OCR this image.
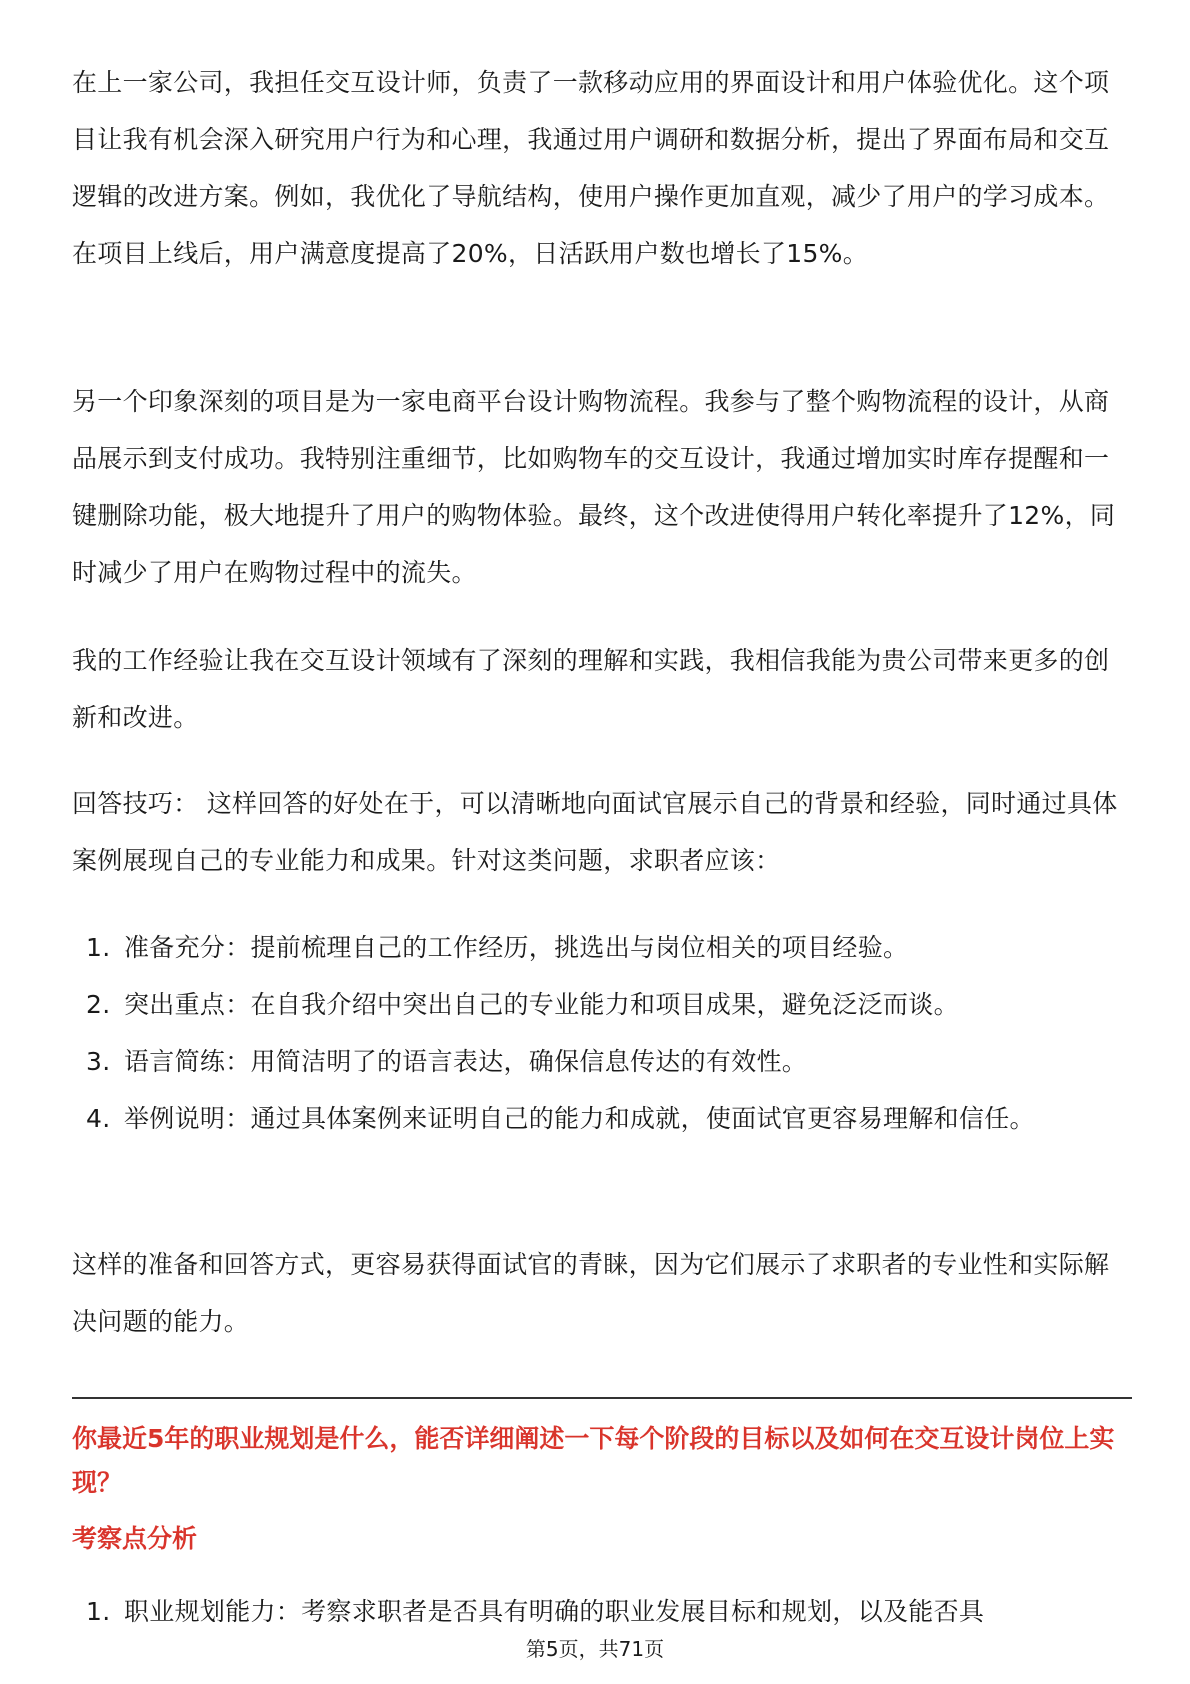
在上一家公司，我担任交互设计师，负责了一款移动应用的界面设计和用户体验优化。这个项目让我有机会深入研究用户行为和心理，我通过用户调研和数据分析，提出了界面布局和交互逻辑的改进方案。例如，我优化了导航结构，使用户操作更加直观，减少了用户的学习成本。在项目上线后，用户满意度提高了20%，日活跃用户数也增长了15%。

另一个印象深刻的项目是为一家电商平台设计购物流程。我参与了整个购物流程的设计，从商品展示到支付成功。我特别注重细节，比如购物车的交互设计，我通过增加实时库存提醒和一键删除功能，极大地提升了用户的购物体验。最终，这个改进使得用户转化率提升了12%，同时减少了用户在购物过程中的流失。

我的工作经验让我在交互设计领域有了深刻的理解和实践，我相信我能为贵公司带来更多的创新和改进。

回答技巧： 这样回答的好处在于，可以清晰地向面试官展示自己的背景和经验，同时通过具体案例展现自己的专业能力和成果。针对这类问题，求职者应该：

1. 准备充分：提前梳理自己的工作经历，挑选出与岗位相关的项目经验。
2. 突出重点：在自我介绍中突出自己的专业能力和项目成果，避免泛泛而谈。
3. 语言简练：用简洁明了的语言表达，确保信息传达的有效性。
4. 举例说明：通过具体案例来证明自己的能力和成就，使面试官更容易理解和信任。

这样的准备和回答方式，更容易获得面试官的青睐，因为它们展示了求职者的专业性和实际解决问题的能力。

你最近5年的职业规划是什么，能否详细阐述一下每个阶段的目标以及如何在交互设计岗位上实现？
考察点分析
1. 职业规划能力：考察求职者是否具有明确的职业发展目标和规划，以及能否具
第5页，共71页
